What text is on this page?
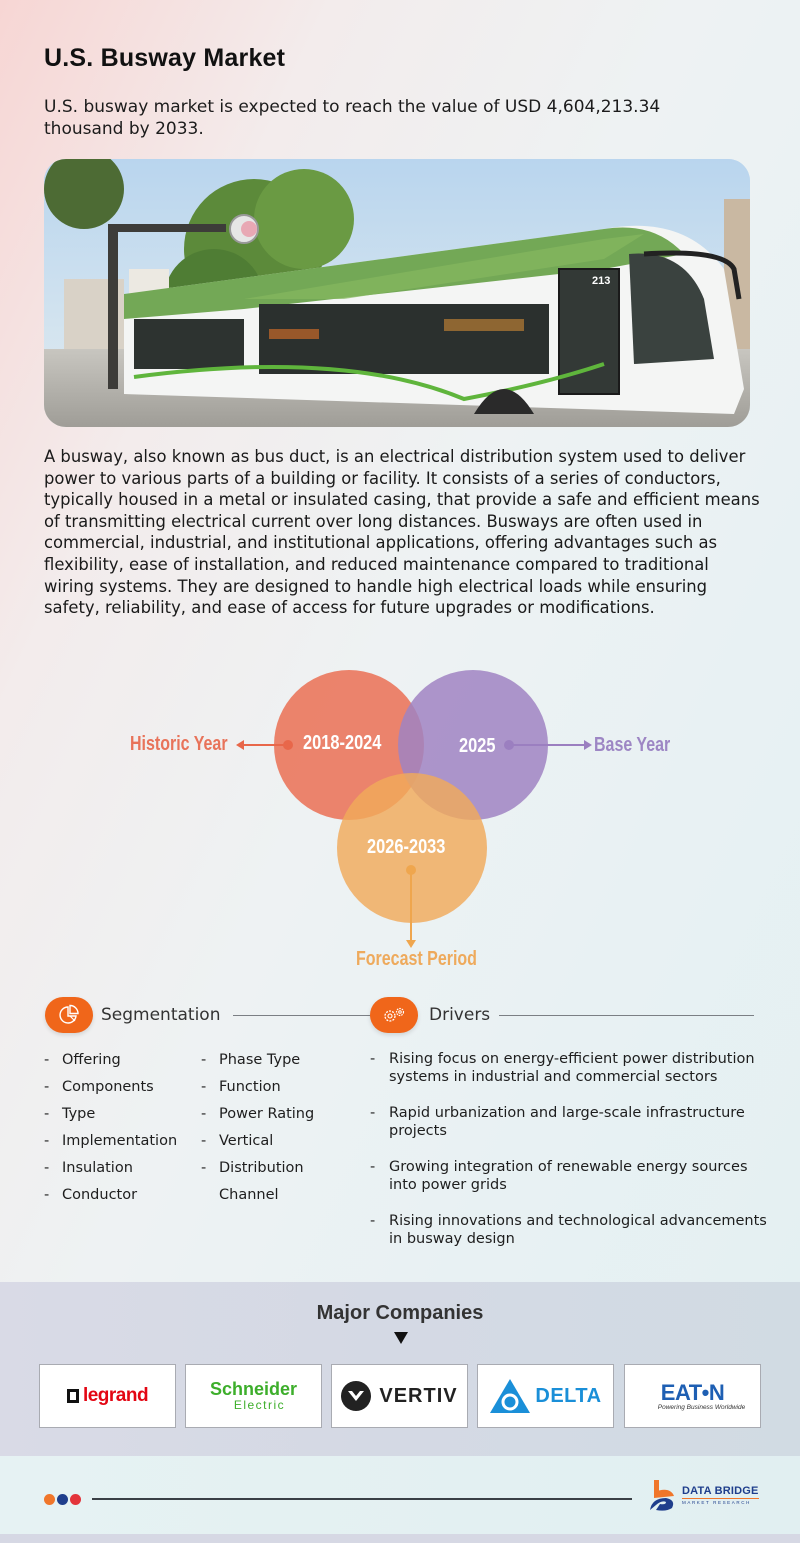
U.S. Busway Market

U.S. busway market is expected to reach the value of USD 4,604,213.34 thousand by 2033.

213

A busway, also known as bus duct, is an electrical distribution system used to deliver power to various parts of a building or facility. It consists of a series of conductors, typically housed in a metal or insulated casing, that provide a safe and efficient means of transmitting electrical current over long distances. Busways are often used in commercial, industrial, and institutional applications, offering advantages such as flexibility, ease of installation, and reduced maintenance compared to traditional wiring systems. They are designed to handle high electrical loads while ensuring safety, reliability, and ease of access for future upgrades or modifications.

2018-2024	2025
2026-2033
Historic Year	Base Year
Forecast Period
Segmentation
- Offering
- Components
- Type
- Implementation
- Insulation
- Conductor
- Phase Type
- Function
- Power Rating
- Vertical
- Distribution
Channel
Drivers
- Rising focus on energy-efficient power distribution systems in industrial and commercial sectors
- Rapid urbanization and large-scale infrastructure projects
- Growing integration of renewable energy sources into power grids
- Rising innovations and technological advancements in busway design
Major Companies
legrand	Schneider
Electric	VERTIV	DELTA	EAT•N
Powering Business Worldwide
DATA BRIDGE
MARKET RESEARCH
